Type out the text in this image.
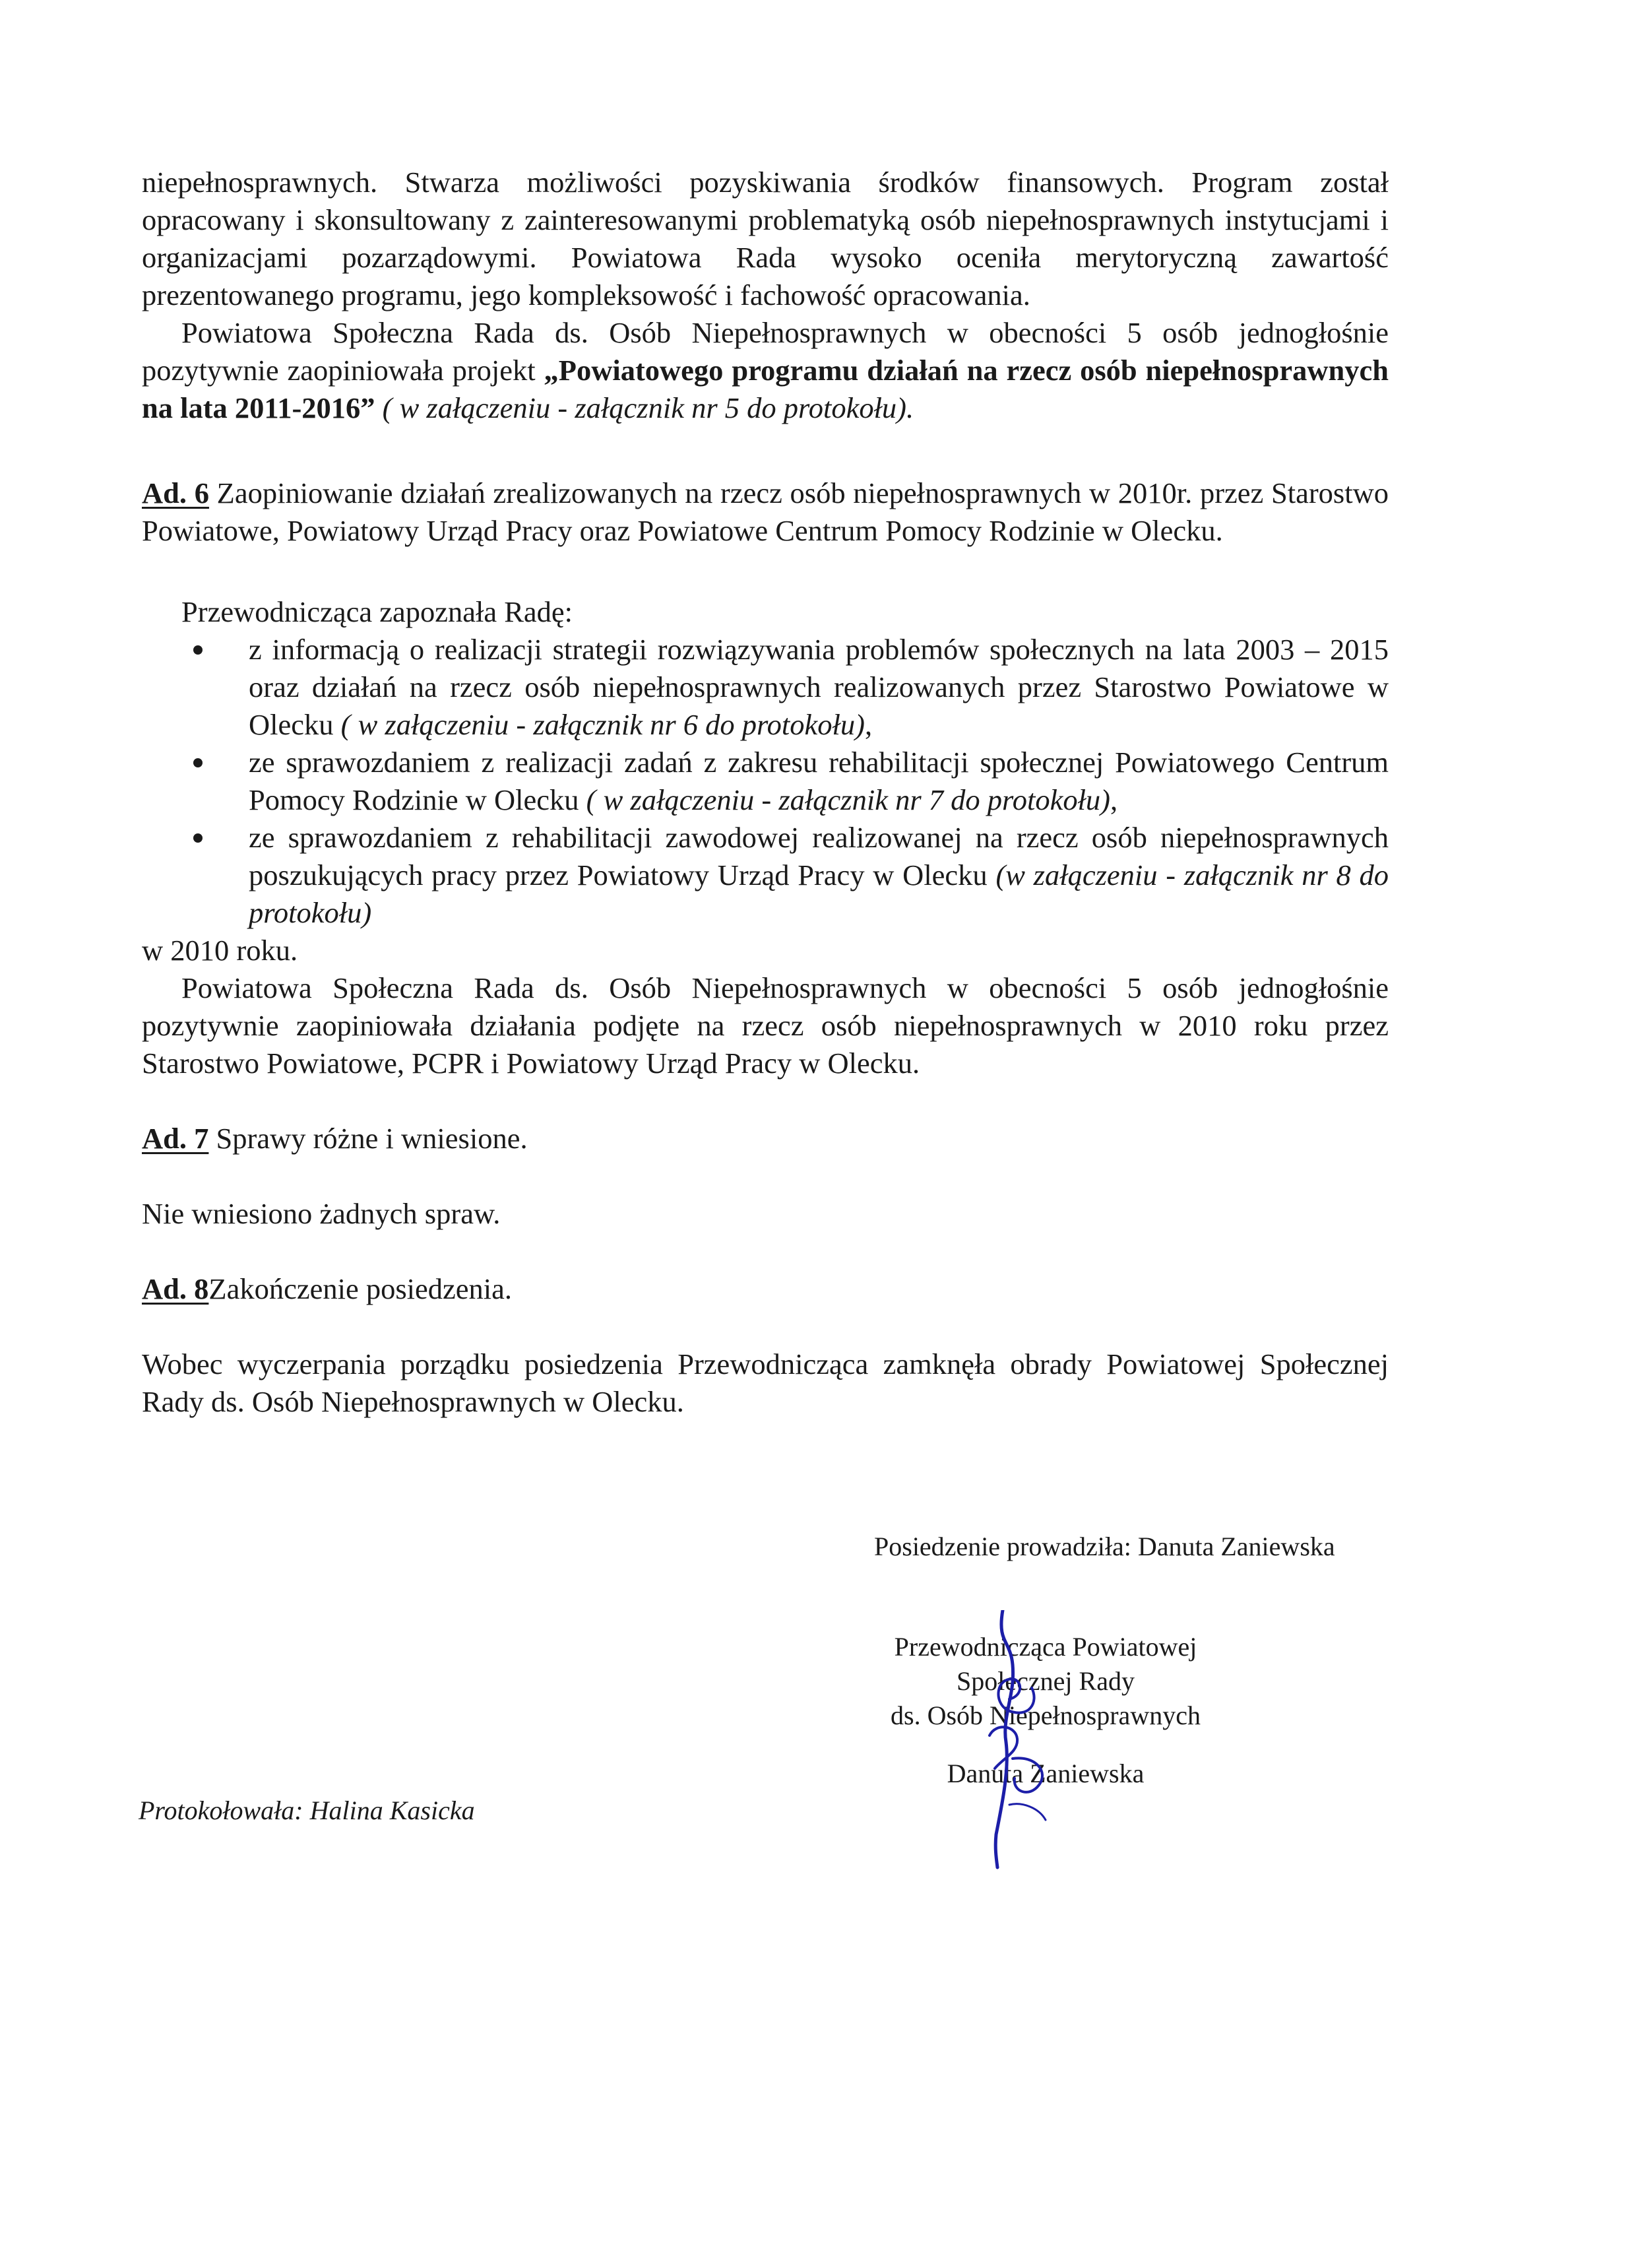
niepełnosprawnych. Stwarza możliwości pozyskiwania środków finansowych. Program został opracowany i skonsultowany z zainteresowanymi problematyką osób niepełnosprawnych instytucjami i organizacjami pozarządowymi. Powiatowa Rada wysoko oceniła merytoryczną zawartość prezentowanego programu, jego kompleksowość i fachowość opracowania.

Powiatowa Społeczna Rada ds. Osób Niepełnosprawnych w obecności 5 osób jednogłośnie pozytywnie zaopiniowała projekt „Powiatowego programu działań na rzecz osób niepełnosprawnych na lata 2011-2016” ( w załączeniu - załącznik nr 5 do protokołu).

Ad. 6 Zaopiniowanie działań zrealizowanych na rzecz osób niepełnosprawnych w 2010r. przez Starostwo Powiatowe, Powiatowy Urząd Pracy oraz Powiatowe Centrum Pomocy Rodzinie w Olecku.

Przewodnicząca zapoznała Radę:

z informacją o realizacji strategii rozwiązywania problemów społecznych na lata 2003 – 2015 oraz działań na rzecz osób niepełnosprawnych realizowanych przez Starostwo Powiatowe w Olecku ( w załączeniu - załącznik nr 6 do protokołu),
ze sprawozdaniem z realizacji zadań z zakresu rehabilitacji społecznej Powiatowego Centrum Pomocy Rodzinie w Olecku ( w załączeniu - załącznik nr 7 do protokołu),
ze sprawozdaniem z rehabilitacji zawodowej realizowanej na rzecz osób niepełnosprawnych poszukujących pracy przez Powiatowy Urząd Pracy w Olecku (w załączeniu - załącznik nr 8 do protokołu)

w 2010 roku.

Powiatowa Społeczna Rada ds. Osób Niepełnosprawnych w obecności 5 osób jednogłośnie pozytywnie zaopiniowała działania podjęte na rzecz osób niepełnosprawnych w 2010 roku przez Starostwo Powiatowe, PCPR i Powiatowy Urząd Pracy w Olecku.

Ad. 7 Sprawy różne i wniesione.

Nie wniesiono żadnych spraw.

Ad. 8Zakończenie posiedzenia.

Wobec wyczerpania porządku posiedzenia Przewodnicząca zamknęła obrady Powiatowej Społecznej Rady ds. Osób Niepełnosprawnych w Olecku.

Posiedzenie prowadziła: Danuta Zaniewska
Przewodnicząca Powiatowej
Społecznej Rady
ds. Osób Niepełnosprawnych
Danuta Zaniewska
Protokołowała: Halina Kasicka
